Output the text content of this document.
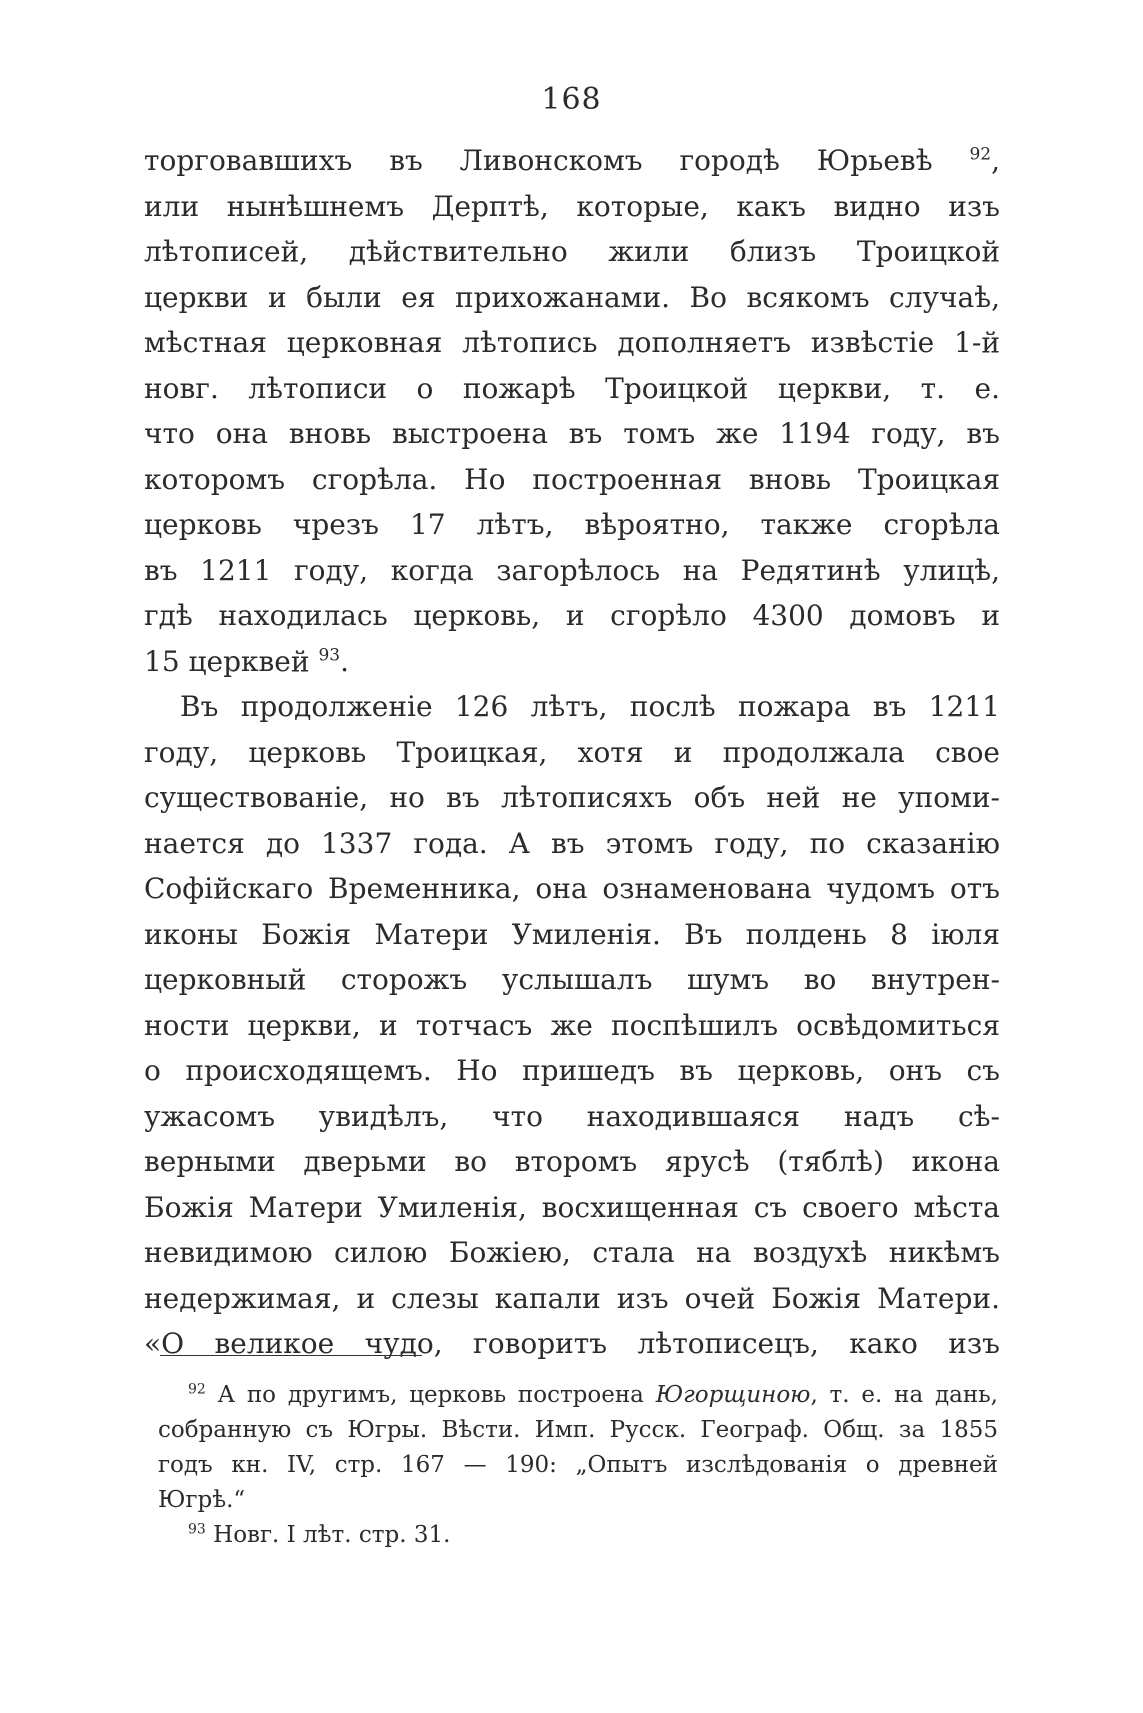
168
торговавшихъ въ Ливонскомъ городѣ Юрьевѣ $^{92}$,
или нынѣшнемъ Дерптѣ, которые, какъ видно изъ
лѣтописей, дѣйствительно жили близъ Троицкой
церкви и были ея прихожанами. Во всякомъ случаѣ,
мѣстная церковная лѣтопись дополняетъ извѣстіе 1-й
новг. лѣтописи о пожарѣ Троицкой церкви, т. е.
что она вновь выстроена въ томъ же 1194 году, въ
которомъ сгорѣла. Но построенная вновь Троицкая
церковь чрезъ 17 лѣтъ, вѣроятно, также сгорѣла
въ 1211 году, когда загорѣлось на Редятинѣ улицѣ,
гдѣ находилась церковь, и сгорѣло 4300 домовъ и
15 церквей $^{93}$.
Въ продолженіе 126 лѣтъ, послѣ пожара въ 1211
году, церковь Троицкая, хотя и продолжала свое
существованіе, но въ лѣтописяхъ объ ней не упоми-
нается до 1337 года. А въ этомъ году, по сказанію
Софійскаго Временника, она ознаменована чудомъ отъ
иконы Божія Матери Умиленія. Въ полдень 8 іюля
церковный сторожъ услышалъ шумъ во внутрен-
ности церкви, и тотчасъ же поспѣшилъ освѣдомиться
о происходящемъ. Но пришедъ въ церковь, онъ съ
ужасомъ увидѣлъ, что находившаяся надъ сѣ-
верными дверьми во второмъ ярусѣ (тяблѣ) икона
Божія Матери Умиленія, восхищенная съ своего мѣста
невидимою силою Божіею, стала на воздухѣ никѣмъ
недержимая, и слезы капали изъ очей Божія Матери.
«О великое чудо, говоритъ лѣтописецъ, како изъ
$^{92}$ А по другимъ, церковь построена Югорщиною, т. е. на дань,
собранную съ Югры. Вѣсти. Имп. Русск. Географ. Общ. за 1855
годъ кн. IV, стр. 167 — 190: „Опытъ изслѣдованія о древней
Югрѣ.“
$^{93}$ Новг. I лѣт. стр. 31.
